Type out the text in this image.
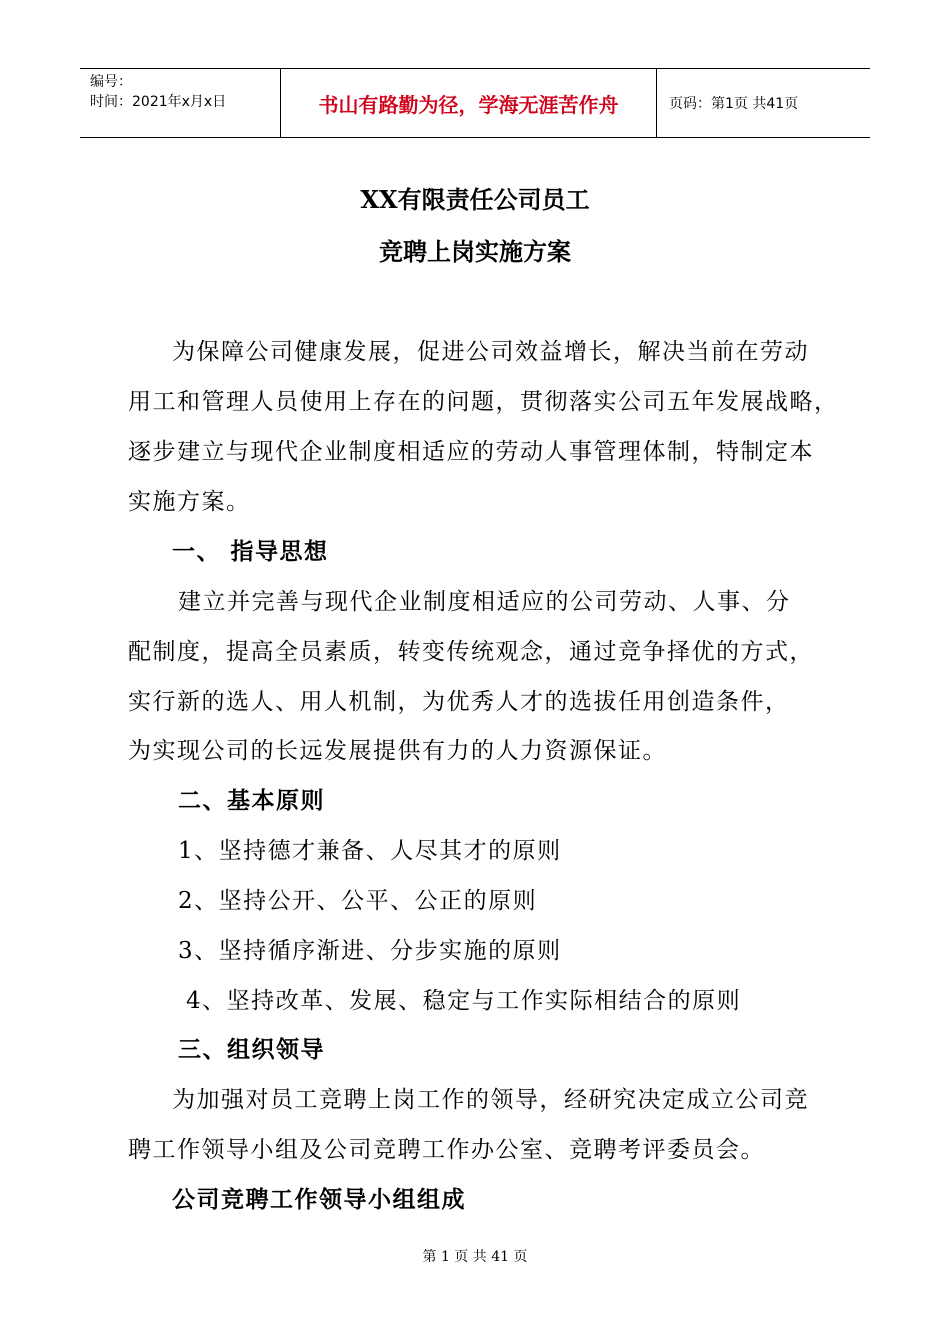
编号：
时间：2021年x月x日	书山有路勤为径，学海无涯苦作舟	页码：第1页 共41页
XX有限责任公司员工
竞聘上岗实施方案
为保障公司健康发展，促进公司效益增长，解决当前在劳动
用工和管理人员使用上存在的问题，贯彻落实公司五年发展战略，
逐步建立与现代企业制度相适应的劳动人事管理体制，特制定本
实施方案。
一、 指导思想
建立并完善与现代企业制度相适应的公司劳动、人事、分
配制度，提高全员素质，转变传统观念，通过竞争择优的方式，
实行新的选人、用人机制，为优秀人才的选拔任用创造条件，
为实现公司的长远发展提供有力的人力资源保证。
二、基本原则
1、坚持德才兼备、人尽其才的原则
2、坚持公开、公平、公正的原则
3、坚持循序渐进、分步实施的原则
4、坚持改革、发展、稳定与工作实际相结合的原则
三、组织领导
为加强对员工竞聘上岗工作的领导，经研究决定成立公司竞
聘工作领导小组及公司竞聘工作办公室、竞聘考评委员会。
公司竞聘工作领导小组组成
第 1 页 共 41 页
